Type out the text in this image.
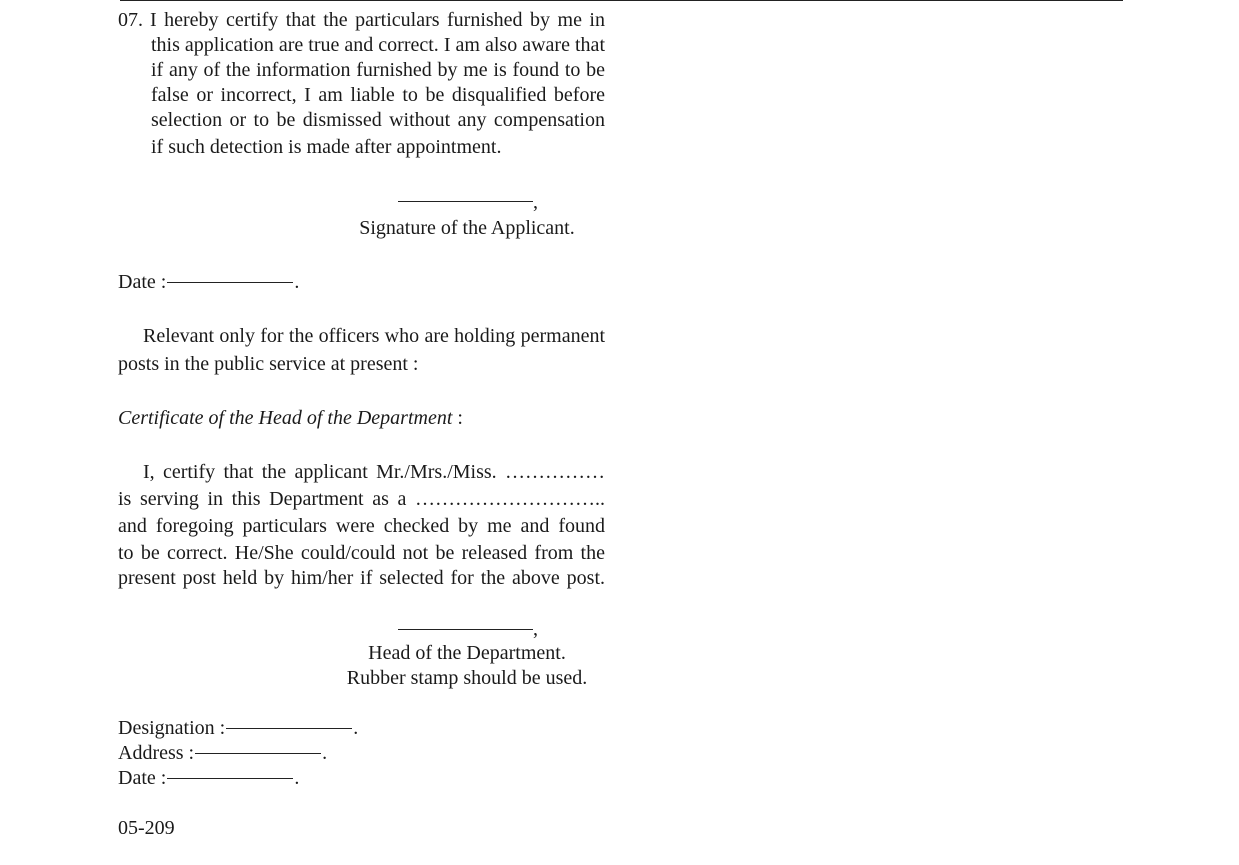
07. I hereby certify that the particulars furnished by me in
this application are true and correct. I am also aware that
if any of the information furnished by me is found to be
false or incorrect, I am liable to be disqualified before
selection or to be dismissed without any compensation
if such detection is made after appointment.
,
Signature of the Applicant.
Date :	.
Relevant only for the officers who are holding permanent
posts in the public service at present :
Certificate of the Head of the Department :
I, certify that the applicant Mr./Mrs./Miss. ……………
is serving in this Department as a ………………………..
and foregoing particulars were checked by me and found
to be correct. He/She could/could not be released from the
present post held by him/her if selected for the above post.
,
Head of the Department.
Rubber stamp should be used.
Designation :	.
Address :	.
Date :	.
05-209
